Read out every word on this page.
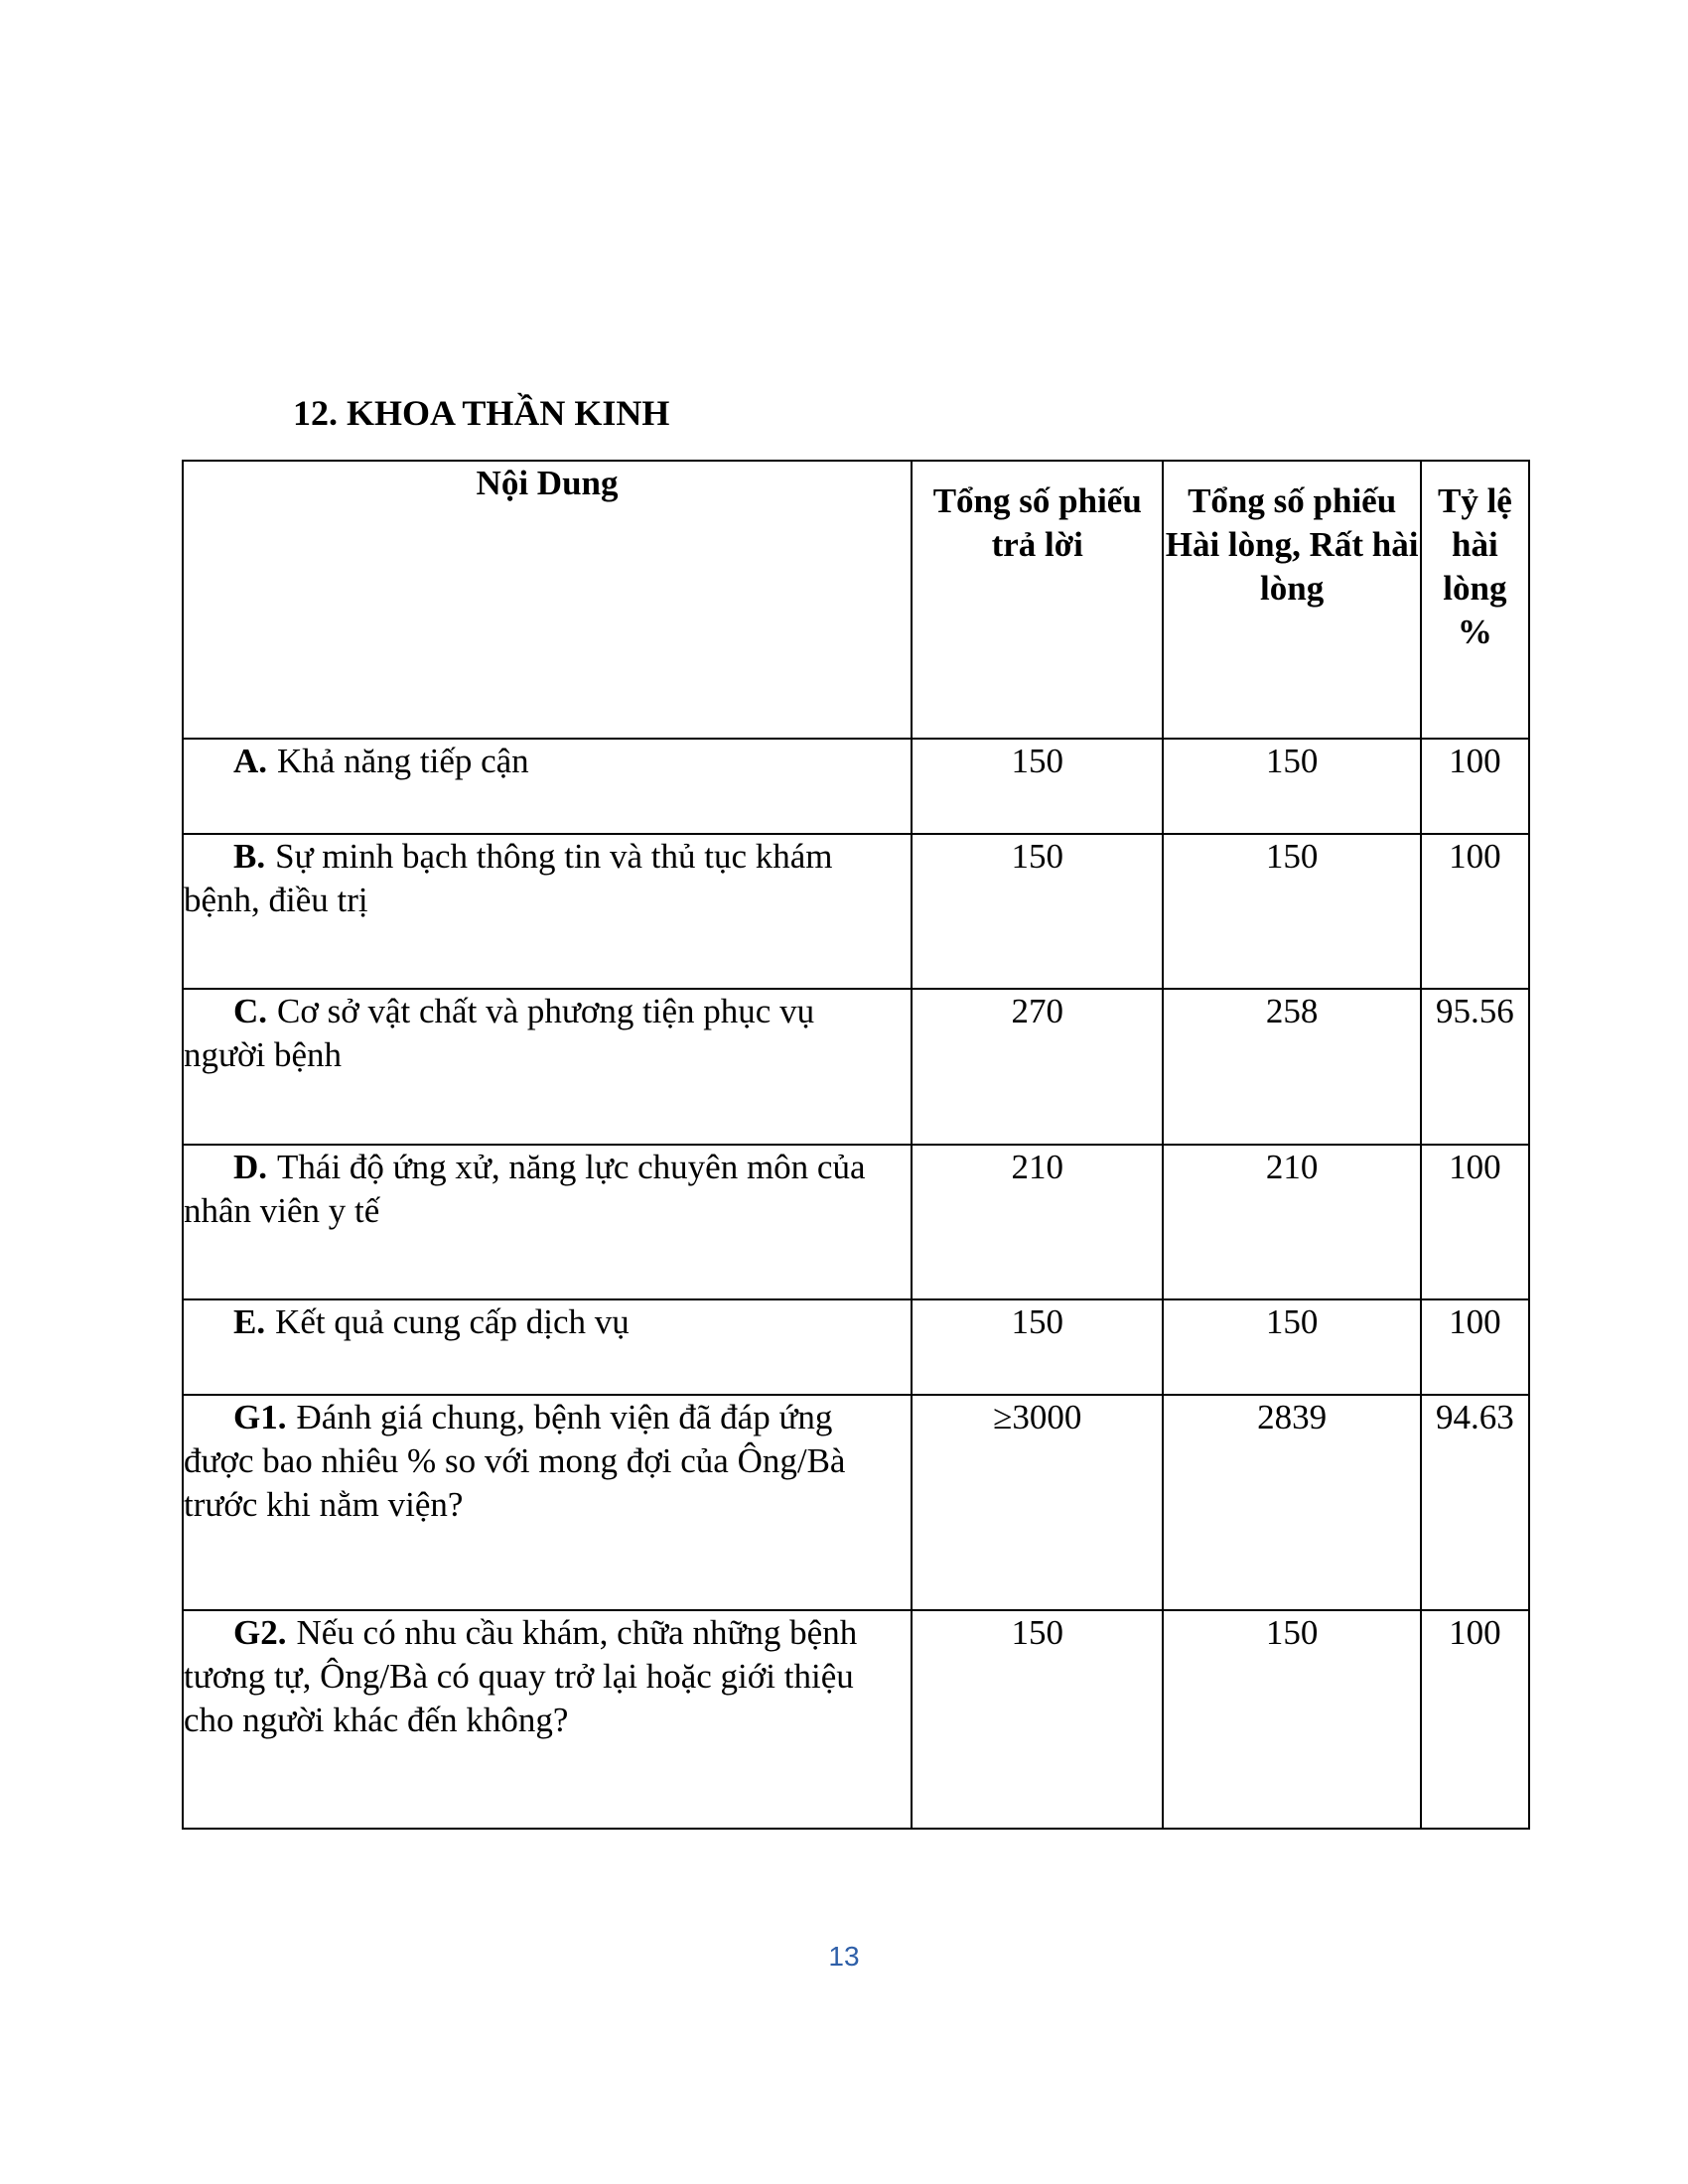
12. KHOA THẦN KINH
Nội Dung	Tổng số phiếu trả lời	Tổng số phiếu Hài lòng, Rất hài lòng	Tỷ lệ hài lòng %

A. Khả năng tiếp cận	150	150	100

B. Sự minh bạch thông tin và thủ tục khám
bệnh, điều trị	150	150	100

C. Cơ sở vật chất và phương tiện phục vụ
người bệnh	270	258	95.56

D. Thái độ ứng xử, năng lực chuyên môn của
nhân viên y tế	210	210	100

E. Kết quả cung cấp dịch vụ	150	150	100

G1. Đánh giá chung, bệnh viện đã đáp ứng
được bao nhiêu % so với mong đợi của Ông/Bà trước khi nằm viện?	≥3000	2839	94.63

G2. Nếu có nhu cầu khám, chữa những bệnh
tương tự, Ông/Bà có quay trở lại hoặc giới thiệu cho người khác đến không?	150	150	100
13
